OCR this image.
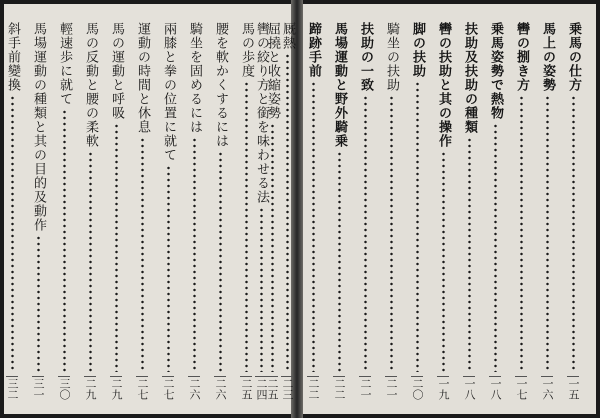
屈撓と收縮姿勢
二五
馬の歩度
二五
腰を軟かくするには
二六
騎坐を固めるには
二六
兩膝と拳の位置に就て
二七
運動の時間と休息
二七
馬の運動と呼吸
二九
馬の反動と腰の柔軟
二九
輕速歩に就て
三〇
馬場運動の種類と其の目的及動作
三一
斜手前變換
三二
乗馬の仕方
一五
馬上の姿勢
一六
轡の捌き方
一七
乗馬姿勢で熱物
一八
扶助及扶助の種類
一八
轡の扶助と其の操作
一九
脚の扶助
二〇
騎坐の扶助
二一
扶助の一致
二一
馬場運動と野外騎乗
二二
蹄跡手前
二二
厩熱
二三
轡の絞り方と銜を味わせる法
二四
